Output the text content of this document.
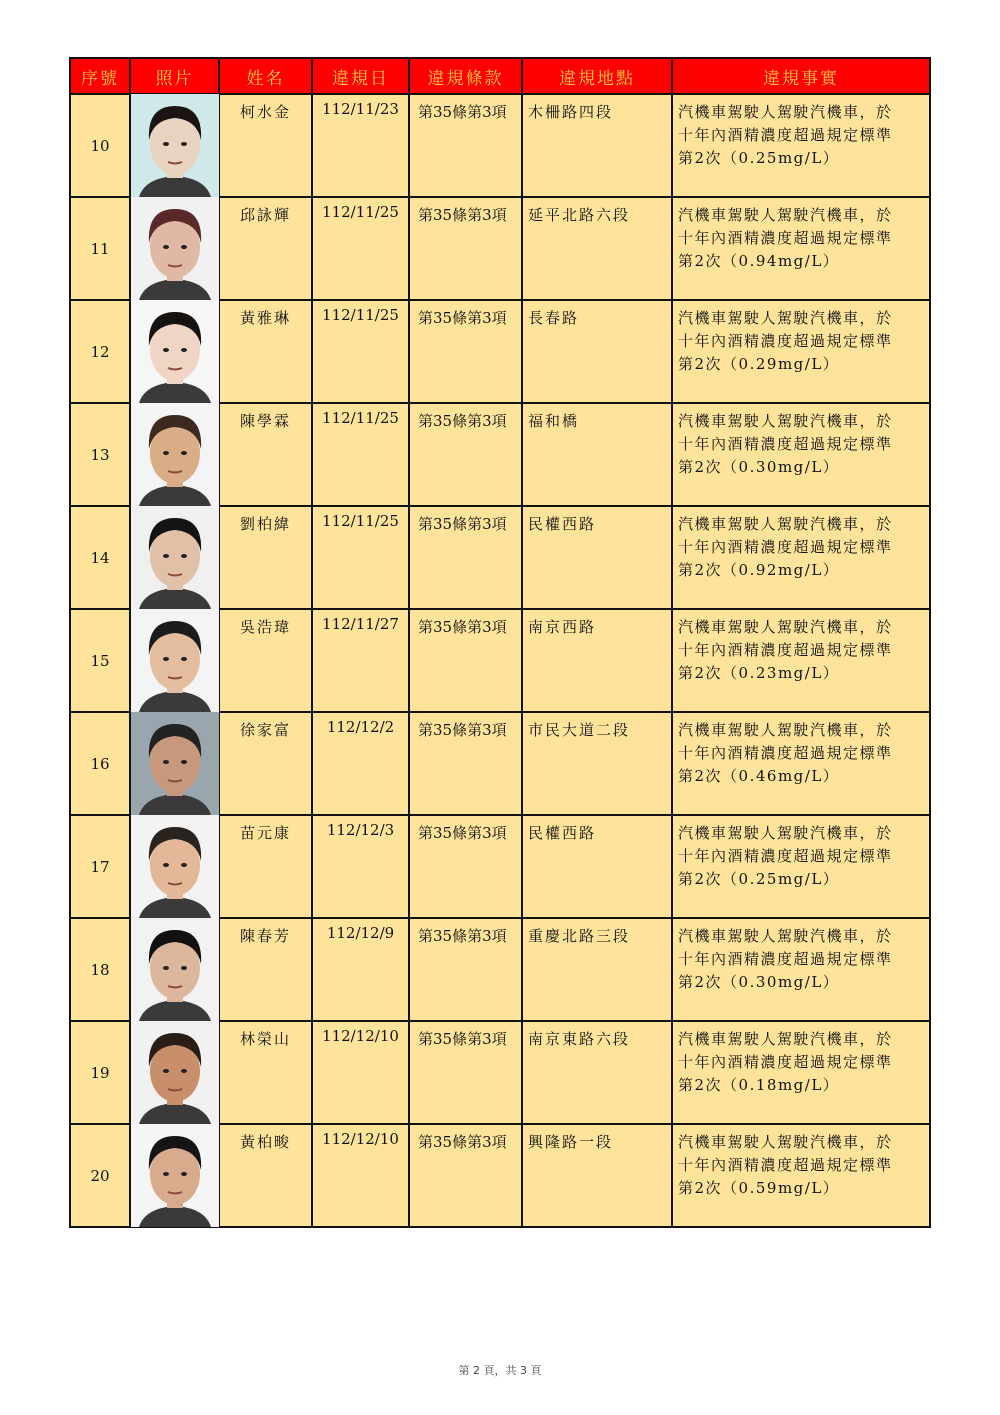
序號	照片	姓名	違規日	違規條款	違規地點	違規事實
10		柯水金	112/11/23	第35條第3項	木柵路四段	汽機車駕駛人駕駛汽機車，於
十年內酒精濃度超過規定標準
第2次（0.25mg/L）

11		邱詠輝	112/11/25	第35條第3項	延平北路六段	汽機車駕駛人駕駛汽機車，於
十年內酒精濃度超過規定標準
第2次（0.94mg/L）

12		黃雅琳	112/11/25	第35條第3項	長春路	汽機車駕駛人駕駛汽機車，於
十年內酒精濃度超過規定標準
第2次（0.29mg/L）

13		陳學霖	112/11/25	第35條第3項	福和橋	汽機車駕駛人駕駛汽機車，於
十年內酒精濃度超過規定標準
第2次（0.30mg/L）

14		劉柏緯	112/11/25	第35條第3項	民權西路	汽機車駕駛人駕駛汽機車，於
十年內酒精濃度超過規定標準
第2次（0.92mg/L）

15		吳浩瑋	112/11/27	第35條第3項	南京西路	汽機車駕駛人駕駛汽機車，於
十年內酒精濃度超過規定標準
第2次（0.23mg/L）

16		徐家富	112/12/2	第35條第3項	市民大道二段	汽機車駕駛人駕駛汽機車，於
十年內酒精濃度超過規定標準
第2次（0.46mg/L）

17		苗元康	112/12/3	第35條第3項	民權西路	汽機車駕駛人駕駛汽機車，於
十年內酒精濃度超過規定標準
第2次（0.25mg/L）

18		陳春芳	112/12/9	第35條第3項	重慶北路三段	汽機車駕駛人駕駛汽機車，於
十年內酒精濃度超過規定標準
第2次（0.30mg/L）

19		林榮山	112/12/10	第35條第3項	南京東路六段	汽機車駕駛人駕駛汽機車，於
十年內酒精濃度超過規定標準
第2次（0.18mg/L）

20		黃柏畯	112/12/10	第35條第3項	興隆路一段	汽機車駕駛人駕駛汽機車，於
十年內酒精濃度超過規定標準
第2次（0.59mg/L）
第 2 頁，共 3 頁
